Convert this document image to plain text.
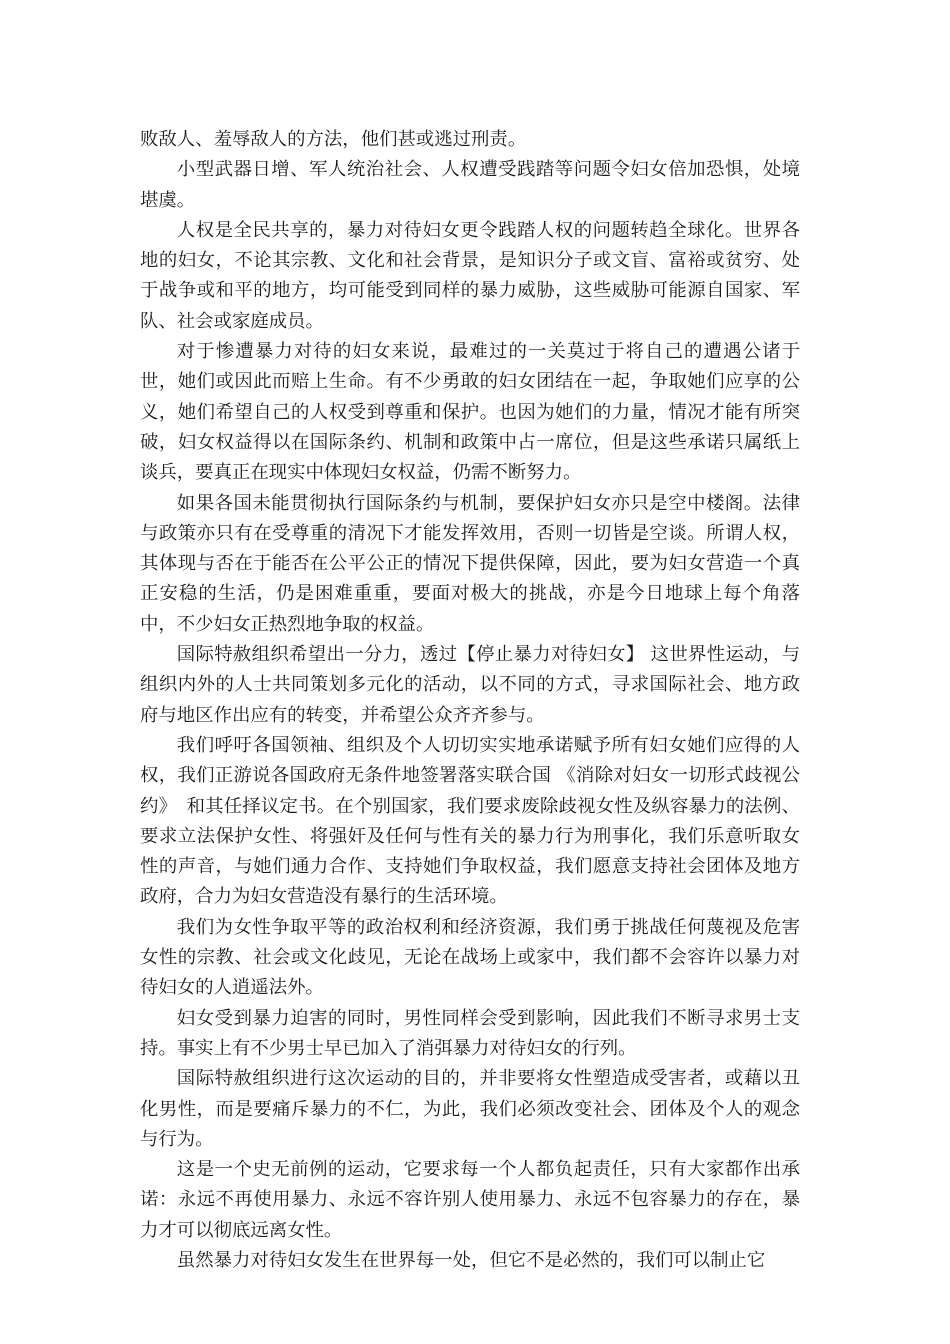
败敌人、羞辱敌人的方法，他们甚或逃过刑责。

小型武器日增、军人统治社会、人权遭受践踏等问题令妇女倍加恐惧，处境堪虞。

人权是全民共享的，暴力对待妇女更令践踏人权的问题转趋全球化。世界各地的妇女，不论其宗教、文化和社会背景，是知识分子或文盲、富裕或贫穷、处于战争或和平的地方，均可能受到同样的暴力威胁，这些威胁可能源自国家、军队、社会或家庭成员。

对于惨遭暴力对待的妇女来说，最难过的一关莫过于将自己的遭遇公诸于世，她们或因此而赔上生命。有不少勇敢的妇女团结在一起，争取她们应享的公义，她们希望自己的人权受到尊重和保护。也因为她们的力量，情况才能有所突破，妇女权益得以在国际条约、机制和政策中占一席位，但是这些承诺只属纸上谈兵，要真正在现实中体现妇女权益，仍需不断努力。

如果各国未能贯彻执行国际条约与机制，要保护妇女亦只是空中楼阁。法律与政策亦只有在受尊重的清况下才能发挥效用，否则一切皆是空谈。所谓人权，其体现与否在于能否在公平公正的情况下提供保障，因此，要为妇女营造一个真正安稳的生活，仍是困难重重，要面对极大的挑战，亦是今日地球上每个角落中，不少妇女正热烈地争取的权益。

国际特赦组织希望出一分力，透过【停止暴力对待妇女】 这世界性运动，与组织内外的人士共同策划多元化的活动，以不同的方式，寻求国际社会、地方政府与地区作出应有的转变，并希望公众齐齐参与。

我们呼吁各国领袖、组织及个人切切实实地承诺赋予所有妇女她们应得的人权，我们正游说各国政府无条件地签署落实联合国 《消除对妇女一切形式歧视公约》　和其任择议定书。在个别国家，我们要求废除歧视女性及纵容暴力的法例、要求立法保护女性、将强奸及任何与性有关的暴力行为刑事化，我们乐意听取女性的声音，与她们通力合作、支持她们争取权益，我们愿意支持社会团体及地方政府，合力为妇女营造没有暴行的生活环境。

我们为女性争取平等的政治权利和经济资源，我们勇于挑战任何蔑视及危害女性的宗教、社会或文化歧见，无论在战场上或家中，我们都不会容许以暴力对待妇女的人逍遥法外。

妇女受到暴力迫害的同时，男性同样会受到影响，因此我们不断寻求男士支持。事实上有不少男士早已加入了消弭暴力对待妇女的行列。

国际特赦组织进行这次运动的目的，并非要将女性塑造成受害者，或藉以丑化男性，而是要痛斥暴力的不仁，为此，我们必须改变社会、团体及个人的观念与行为。

这是一个史无前例的运动，它要求每一个人都负起责任，只有大家都作出承诺：永远不再使用暴力、永远不容许别人使用暴力、永远不包容暴力的存在，暴力才可以彻底远离女性。

虽然暴力对待妇女发生在世界每一处，但它不是必然的，我们可以制止它
